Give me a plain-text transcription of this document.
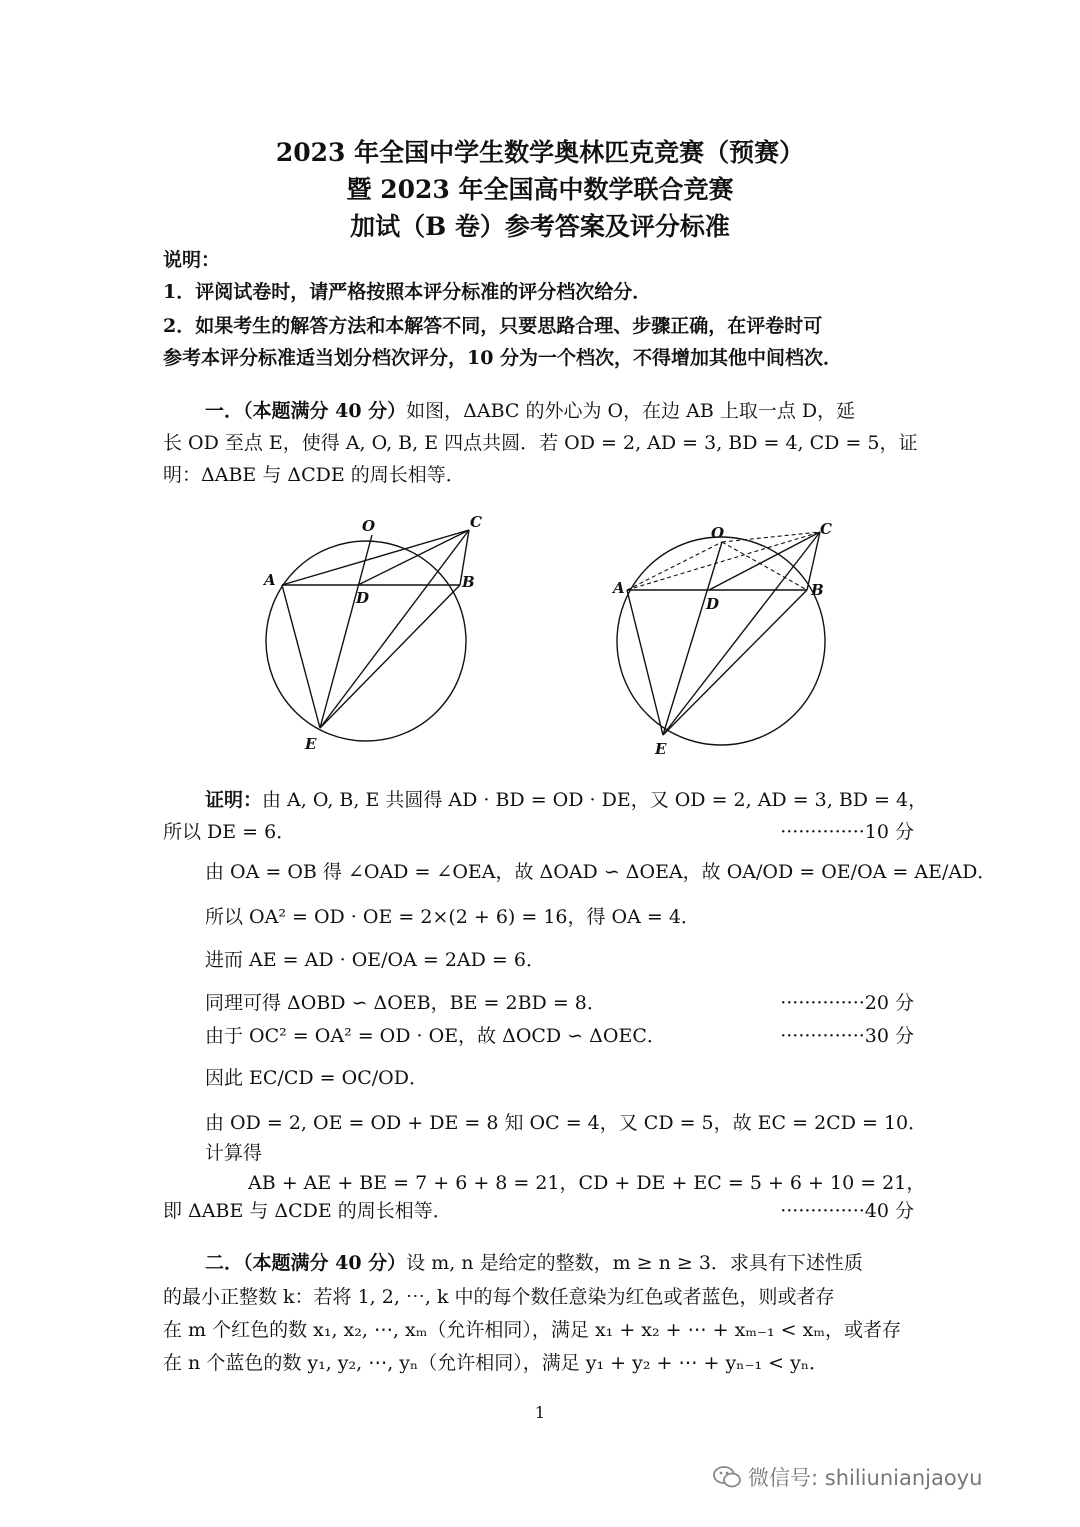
2023 年全国中学生数学奥林匹克竞赛（预赛）
暨 2023 年全国高中数学联合竞赛
加试（B 卷）参考答案及评分标准
说明：
1．评阅试卷时，请严格按照本评分标准的评分档次给分．
2．如果考生的解答方法和本解答不同，只要思路合理、步骤正确，在评卷时可
参考本评分标准适当划分档次评分，10 分为一个档次，不得增加其他中间档次．
一．（本题满分 40 分）如图，ΔABC 的外心为 O，在边 AB 上取一点 D，延
长 OD 至点 E，使得 A, O, B, E 四点共圆．若 OD = 2, AD = 3, BD = 4, CD = 5，证
明：ΔABE 与 ΔCDE 的周长相等．
O	C
A	B
D
E
O	C
A	B
D
E
证明：由 A, O, B, E 共圆得 AD · BD = OD · DE，又 OD = 2, AD = 3, BD = 4，
所以 DE = 6．	··············10 分
由 OA = OB 得 ∠OAD = ∠OEA，故 ΔOAD ∽ ΔOEA，故 OA/OD = OE/OA = AE/AD．
所以 OA² = OD · OE = 2×(2 + 6) = 16，得 OA = 4．
进而 AE = AD · OE/OA = 2AD = 6．
同理可得 ΔOBD ∽ ΔOEB，BE = 2BD = 8．	··············20 分
由于 OC² = OA² = OD · OE，故 ΔOCD ∽ ΔOEC．	··············30 分
因此 EC/CD = OC/OD．
由 OD = 2, OE = OD + DE = 8 知 OC = 4，又 CD = 5，故 EC = 2CD = 10．
计算得
AB + AE + BE = 7 + 6 + 8 = 21，CD + DE + EC = 5 + 6 + 10 = 21，
即 ΔABE 与 ΔCDE 的周长相等．	··············40 分
二．（本题满分 40 分）设 m, n 是给定的整数，m ≥ n ≥ 3．求具有下述性质
的最小正整数 k：若将 1, 2, ⋯, k 中的每个数任意染为红色或者蓝色，则或者存
在 m 个红色的数 x₁, x₂, ⋯, xₘ（允许相同），满足 x₁ + x₂ + ⋯ + xₘ₋₁ < xₘ，或者存
在 n 个蓝色的数 y₁, y₂, ⋯, yₙ（允许相同），满足 y₁ + y₂ + ⋯ + yₙ₋₁ < yₙ．
1
微信号: shiliunianjaoyu
